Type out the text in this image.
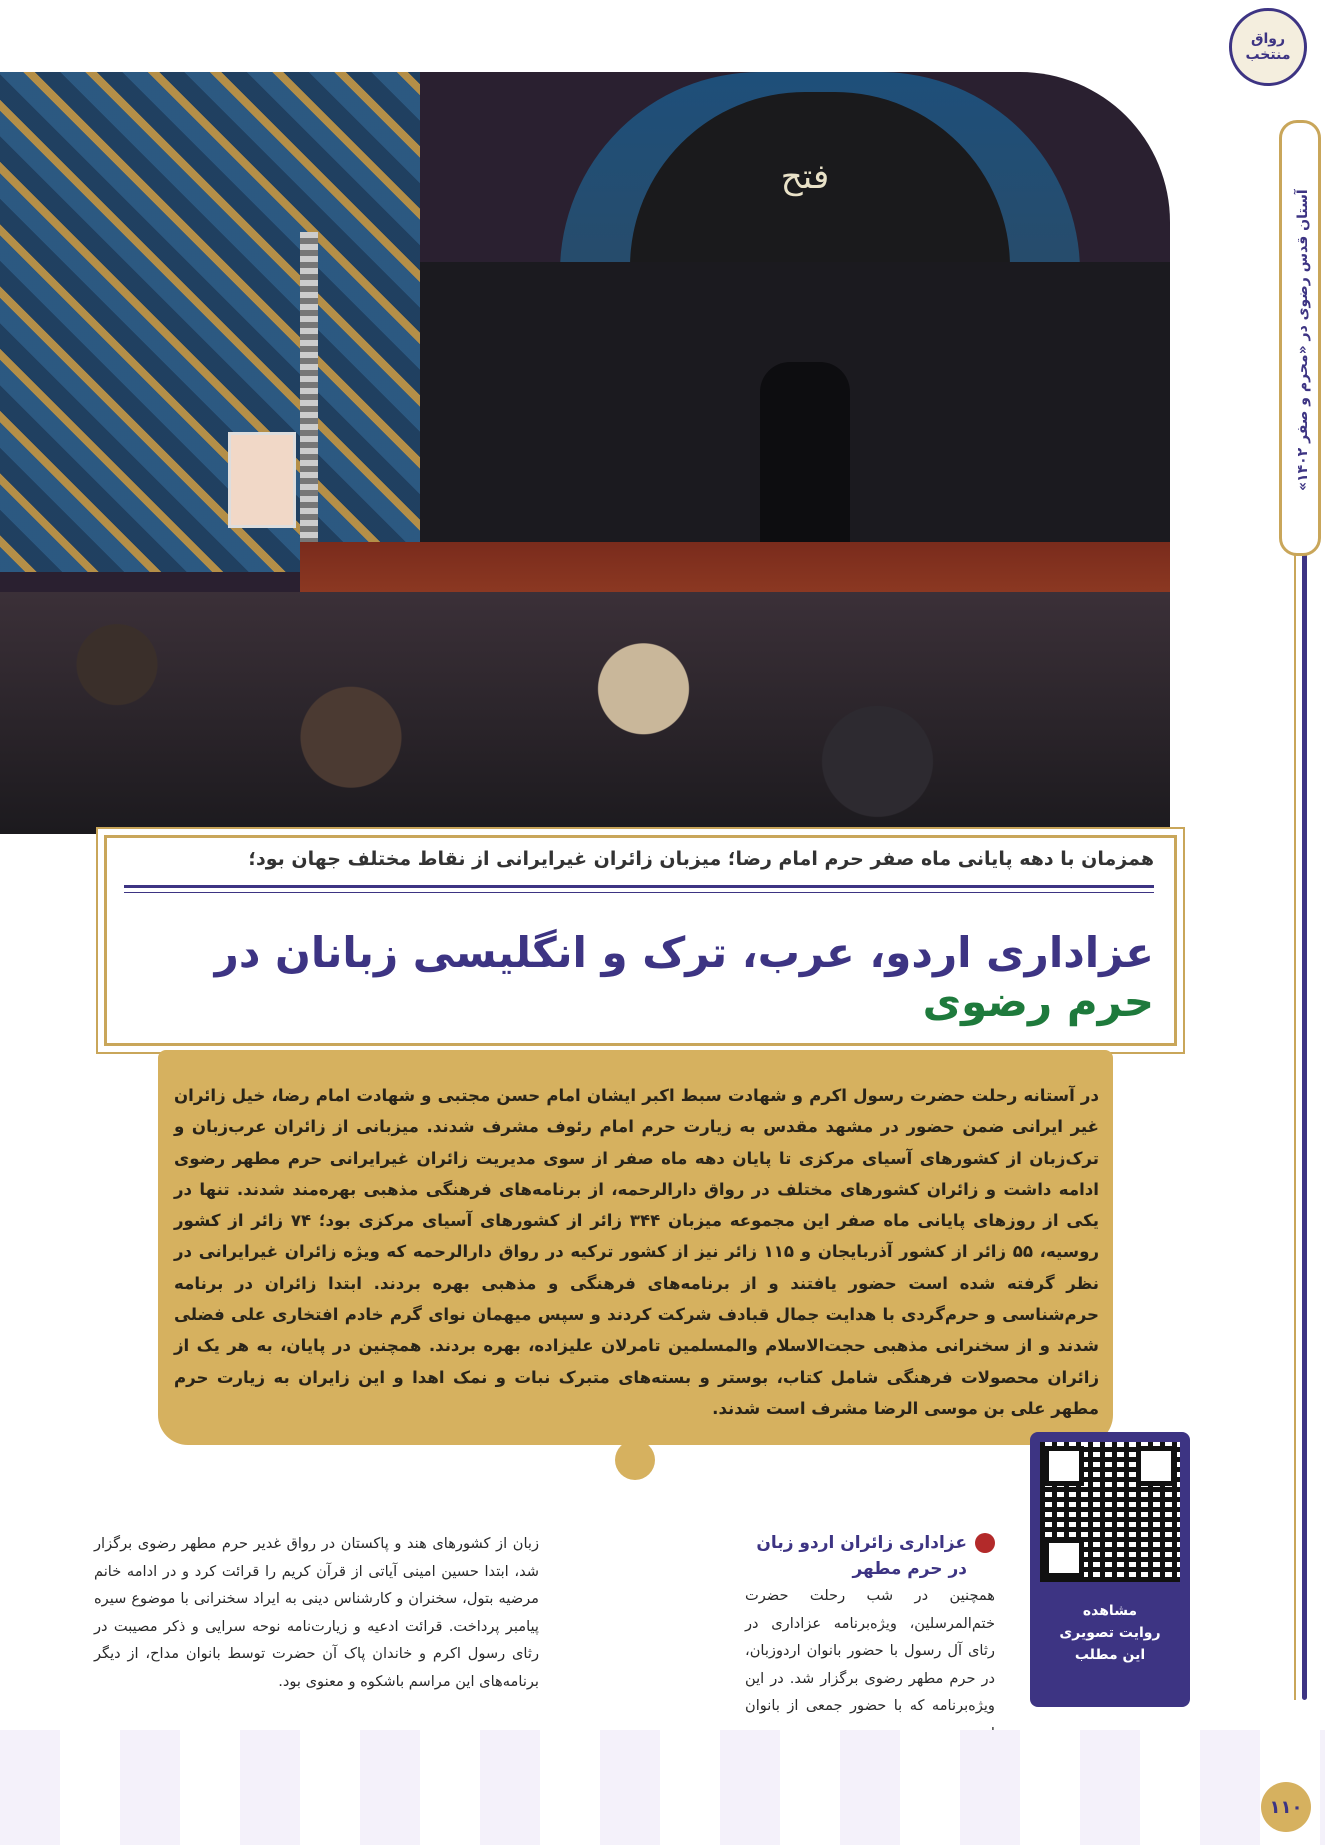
فتح
رواق منتخب
آستان قدس رضوی در «محرم و صفر ۱۴۰۲»
همزمان با دهه پایانی ماه صفر حرم امام رضا؛ میزبان زائران غیرایرانی از نقاط مختلف جهان بود؛
عزاداری اردو، عرب، ترک و انگلیسی زبانان در حرم رضوی

در آستانه رحلت حضرت رسول اکرم و شهادت سبط اکبر ایشان امام حسن مجتبی و شهادت امام رضا، خیل زائران غیر ایرانی ضمن حضور در مشهد مقدس به زیارت حرم امام رئوف مشرف شدند. میزبانی از زائران عرب‌زبان و ترک‌زبان از کشورهای آسیای مرکزی تا پایان دهه ماه صفر از سوی مدیریت زائران غیرایرانی حرم مطهر رضوی ادامه داشت و زائران کشورهای مختلف در رواق دارالرحمه، از برنامه‌های فرهنگی مذهبی بهره‌مند شدند. تنها در یکی از روزهای پایانی ماه صفر این مجموعه میزبان ۳۴۴ زائر از کشورهای آسیای مرکزی بود؛ ۷۴ زائر از کشور روسیه، ۵۵ زائر از کشور آذربایجان و ۱۱۵ زائر نیز از کشور ترکیه در رواق دارالرحمه که ویژه زائران غیرایرانی در نظر گرفته شده است حضور یافتند و از برنامه‌های فرهنگی و مذهبی بهره بردند. ابتدا زائران در برنامه حرم‌شناسی و حرم‌گردی با هدایت جمال قبادف شرکت کردند و سپس میهمان نوای گرم خادم افتخاری علی فضلی شدند و از سخنرانی مذهبی حجت‌الاسلام والمسلمین تامرلان علیزاده، بهره بردند. همچنین در پایان، به هر یک از زائران محصولات فرهنگی شامل کتاب، بوستر و بسته‌های متبرک نبات و نمک اهدا و این زایران به زیارت حرم مطهر علی بن موسی الرضا مشرف است شدند.

مشاهده
روایت تصویری
این مطلب
عزاداری زائران اردو زبان در حرم مطهر

همچنین در شب رحلت حضرت ختم‌المرسلین، ویژه‌برنامه عزاداری در رثای آل رسول با حضور بانوان اردوزبان، در حرم مطهر رضوی برگزار شد. در این ویژه‌برنامه که با حضور جمعی از بانوان

زبان از کشورهای هند و پاکستان در رواق غدیر حرم مطهر رضوی برگزار شد، ابتدا حسین امینی آیاتی از قرآن کریم را قرائت کرد و در ادامه خانم مرضیه بتول، سخنران و کارشناس دینی به ایراد سخنرانی با موضوع سیره پیامبر پرداخت. قرائت ادعیه و زیارت‌نامه نوحه سرایی و ذکر مصیبت در رثای رسول اکرم و خاندان پاک آن حضرت توسط بانوان مداح، از دیگر برنامه‌های این مراسم باشکوه و معنوی بود.

۱۱۰
